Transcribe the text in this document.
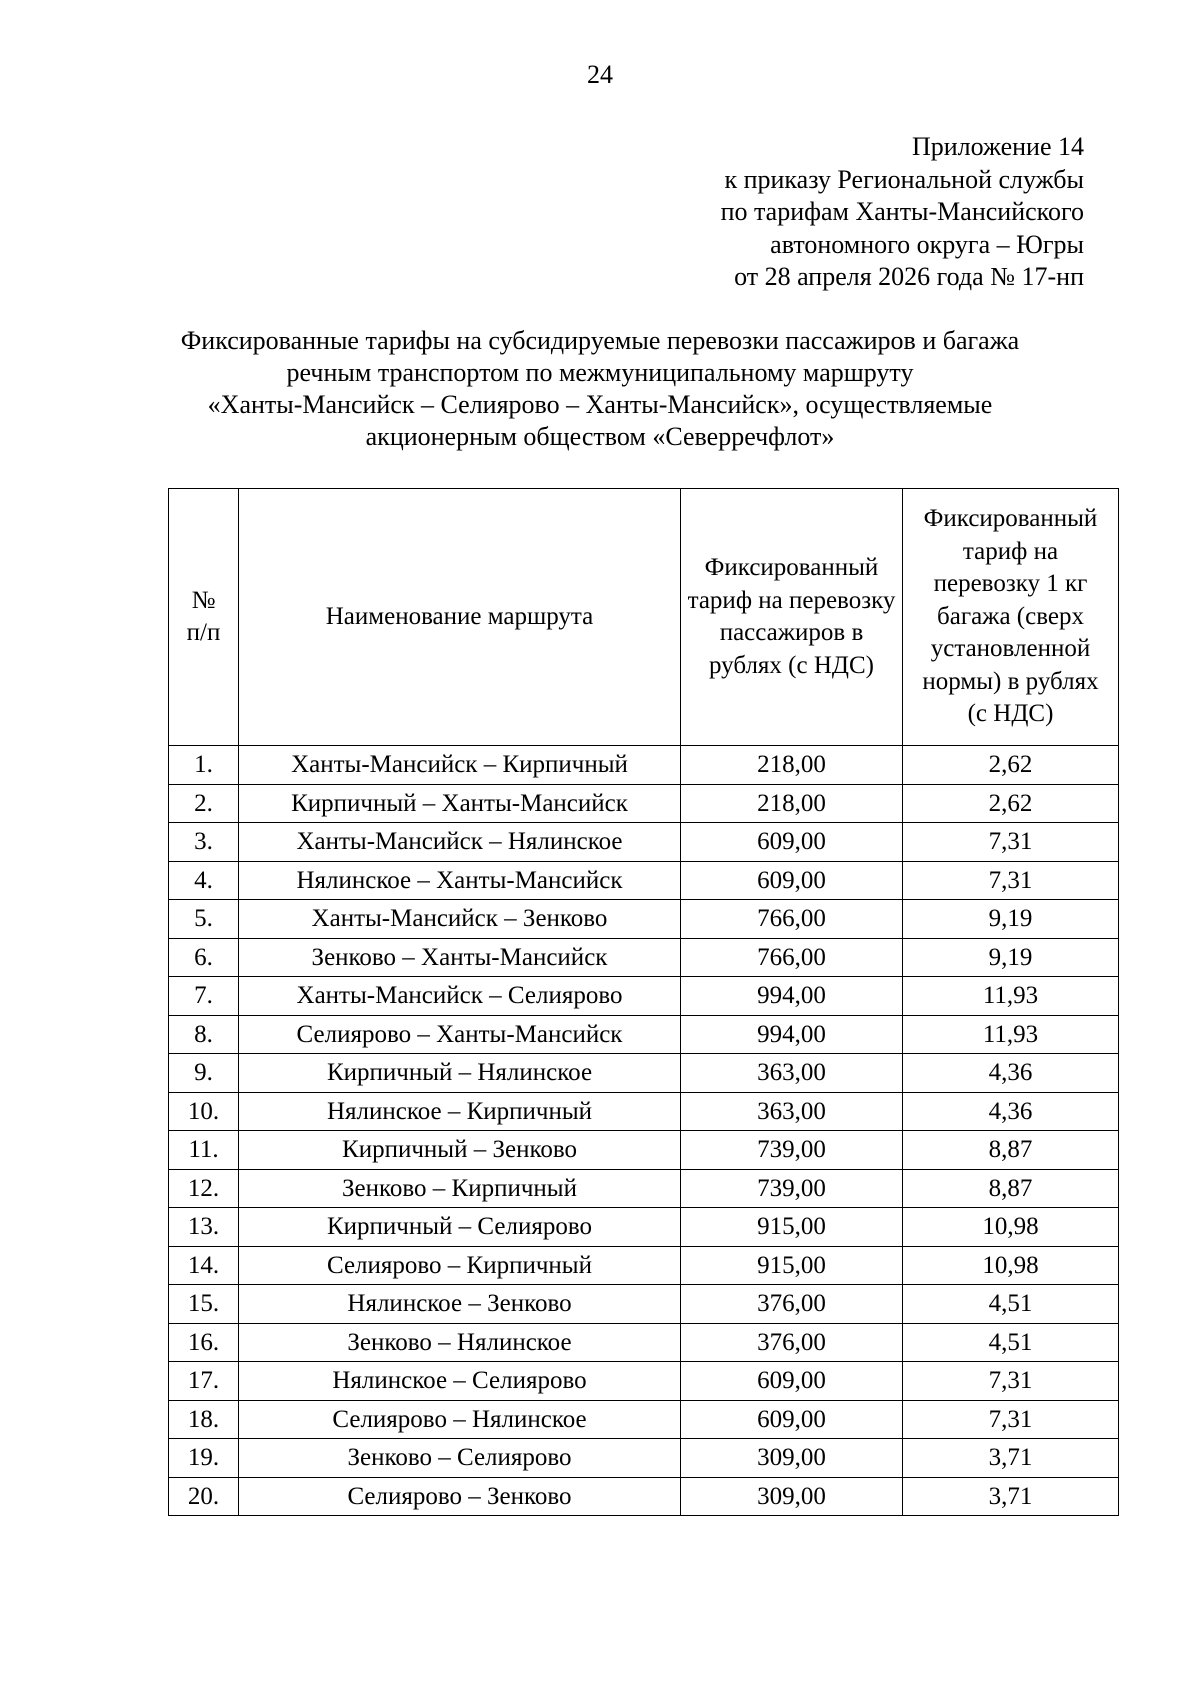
24
Приложение 14
к приказу Региональной службы
по тарифам Ханты-Мансийского
автономного округа – Югры
от 28 апреля 2026 года № 17-нп
Фиксированные тарифы на субсидируемые перевозки пассажиров и багажа
речным транспортом по межмуниципальному маршруту
«Ханты-Мансийск – Селиярово – Ханты-Мансийск», осуществляемые
акционерным обществом «Северречфлот»
№ п/п	Наименование маршрута	Фиксированный тариф на перевозку пассажиров в рублях (с НДС)	Фиксированный тариф на перевозку 1 кг багажа (сверх установленной нормы) в рублях (с НДС)
1.	Ханты-Мансийск – Кирпичный	218,00	2,62
2.	Кирпичный – Ханты-Мансийск	218,00	2,62
3.	Ханты-Мансийск – Нялинское	609,00	7,31
4.	Нялинское – Ханты-Мансийск	609,00	7,31
5.	Ханты-Мансийск – Зенково	766,00	9,19
6.	Зенково – Ханты-Мансийск	766,00	9,19
7.	Ханты-Мансийск – Селиярово	994,00	11,93
8.	Селиярово – Ханты-Мансийск	994,00	11,93
9.	Кирпичный – Нялинское	363,00	4,36
10.	Нялинское – Кирпичный	363,00	4,36
11.	Кирпичный – Зенково	739,00	8,87
12.	Зенково – Кирпичный	739,00	8,87
13.	Кирпичный – Селиярово	915,00	10,98
14.	Селиярово – Кирпичный	915,00	10,98
15.	Нялинское – Зенково	376,00	4,51
16.	Зенково – Нялинское	376,00	4,51
17.	Нялинское – Селиярово	609,00	7,31
18.	Селиярово – Нялинское	609,00	7,31
19.	Зенково – Селиярово	309,00	3,71
20.	Селиярово – Зенково	309,00	3,71
